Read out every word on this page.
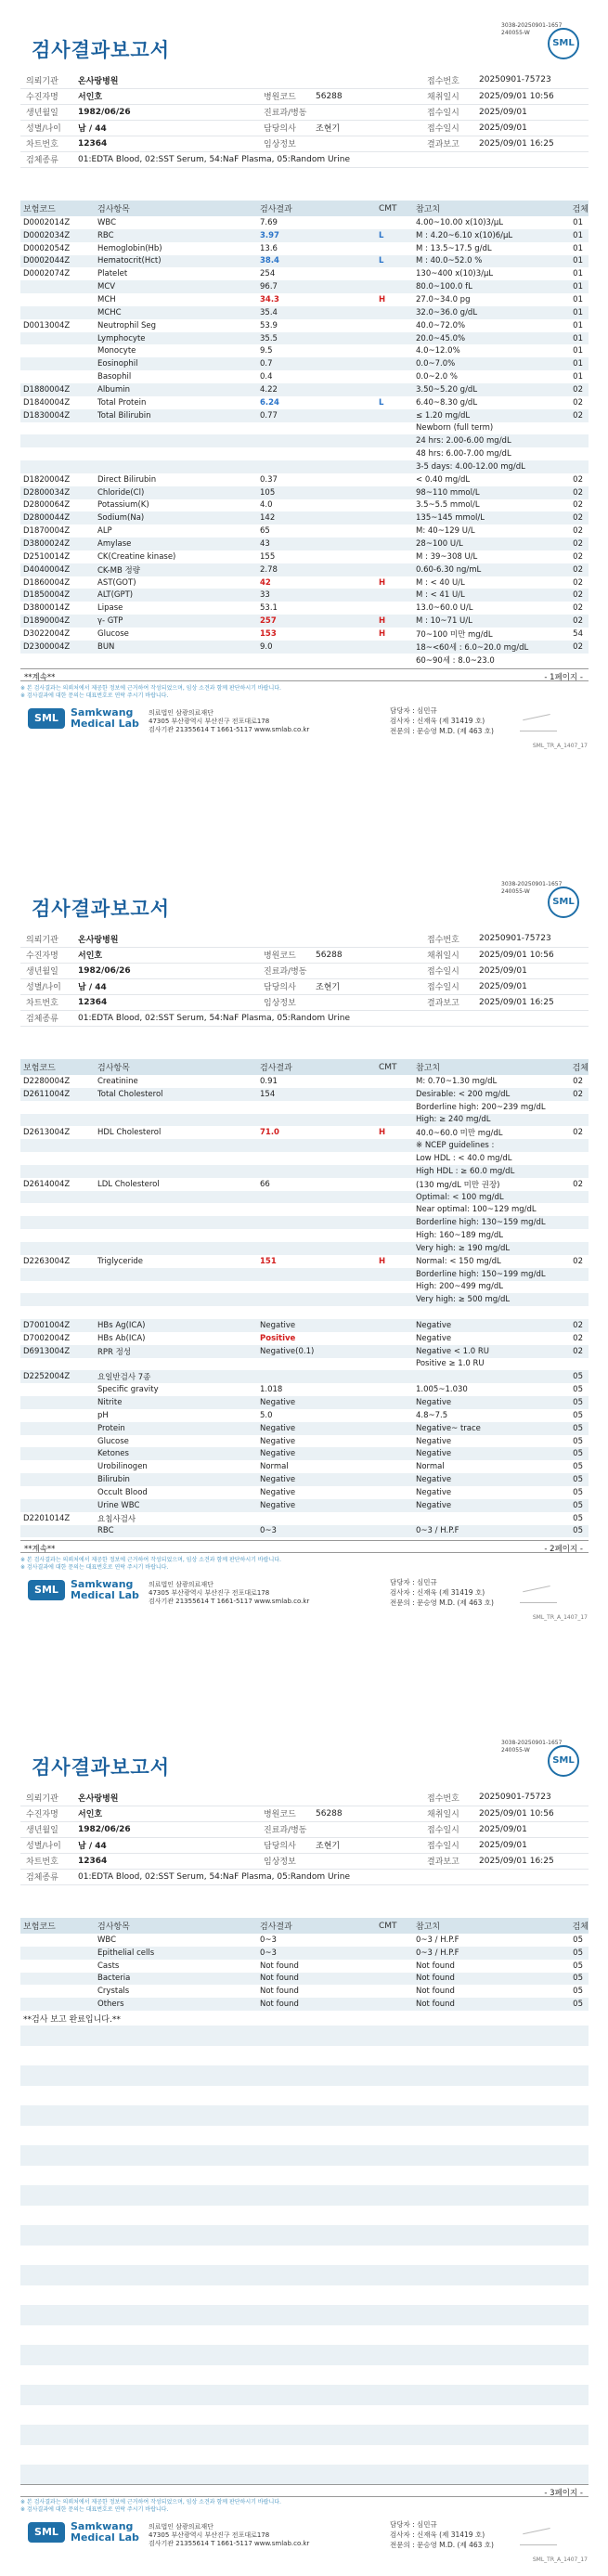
3038-20250901-1657
240055-W
SML
검사결과보고서
의뢰기관	온사랑병원			접수번호	20250901-75723
수진자명	서인호	병원코드	56288	채취일시	2025/09/01 10:56
생년월일	1982/06/26	진료과/병동		접수일시	2025/09/01
성별/나이	남 / 44	담당의사	조현기	접수일시	2025/09/01
차트번호	12364	임상정보		결과보고	2025/09/01 16:25
검체종류	01:EDTA Blood, 02:SST Serum, 54:NaF Plasma, 05:Random Urine				
보험코드	검사항목	검사결과	CMT	참고치	검체
D0002014Z	WBC	7.69		4.00~10.00 x(10)3/μL	01
D0002034Z	RBC	3.97	L	M : 4.20~6.10 x(10)6/μL	01
D0002054Z	Hemoglobin(Hb)	13.6		M : 13.5~17.5 g/dL	01
D0002044Z	Hematocrit(Hct)	38.4	L	M : 40.0~52.0 %	01
D0002074Z	Platelet	254		130~400 x(10)3/μL	01
	MCV	96.7		80.0~100.0 fL	01
	MCH	34.3	H	27.0~34.0 pg	01
	MCHC	35.4		32.0~36.0 g/dL	01
D0013004Z	Neutrophil Seg	53.9		40.0~72.0%	01
	Lymphocyte	35.5		20.0~45.0%	01
	Monocyte	9.5		4.0~12.0%	01
	Eosinophil	0.7		0.0~7.0%	01
	Basophil	0.4		0.0~2.0 %	01
D1880004Z	Albumin	4.22		3.50~5.20 g/dL	02
D1840004Z	Total Protein	6.24	L	6.40~8.30 g/dL	02
D1830004Z	Total Bilirubin	0.77		≤ 1.20 mg/dL	02
				Newborn (full term)	
				24 hrs: 2.00-6.00 mg/dL	
				48 hrs: 6.00-7.00 mg/dL	
				3-5 days: 4.00-12.00 mg/dL	
D1820004Z	Direct Bilirubin	0.37		< 0.40 mg/dL	02
D2800034Z	Chloride(Cl)	105		98~110 mmol/L	02
D2800064Z	Potassium(K)	4.0		3.5~5.5 mmol/L	02
D2800044Z	Sodium(Na)	142		135~145 mmol/L	02
D1870004Z	ALP	65		M: 40~129 U/L	02
D3800024Z	Amylase	43		28~100 U/L	02
D2510014Z	CK(Creatine kinase)	155		M : 39~308 U/L	02
D4040004Z	CK-MB 정량	2.78		0.60-6.30 ng/mL	02
D1860004Z	AST(GOT)	42	H	M : < 40 U/L	02
D1850004Z	ALT(GPT)	33		M : < 41 U/L	02
D3800014Z	Lipase	53.1		13.0~60.0 U/L	02
D1890004Z	γ- GTP	257	H	M : 10~71 U/L	02
D3022004Z	Glucose	153	H	70~100 미만 mg/dL	54
D2300004Z	BUN	9.0		18~<60세 : 6.0~20.0 mg/dL	02
				60~90세 : 8.0~23.0	
**계속**	- 1페이지 -
※ 본 검사결과는 의뢰처에서 제공한 정보에 근거하여 작성되었으며, 임상 소견과 함께 판단하시기 바랍니다.
※ 검사결과에 대한 문의는 대표번호로 연락 주시기 바랍니다.
SML Samkwang
Medical Lab
의료법인 삼광의료재단
47305 부산광역시 부산진구 전포대로178
검사기관 21355614 T 1661-5117 www.smlab.co.kr
담당자 : 심민규
검사자 : 신재욱 (제 31419 호)
전문의 : 문승영 M.D. (제 463 호)
SML_TR_A_1407_17
3038-20250901-1657
240055-W
SML
검사결과보고서
의뢰기관	온사랑병원			접수번호	20250901-75723
수진자명	서인호	병원코드	56288	채취일시	2025/09/01 10:56
생년월일	1982/06/26	진료과/병동		접수일시	2025/09/01
성별/나이	남 / 44	담당의사	조현기	접수일시	2025/09/01
차트번호	12364	임상정보		결과보고	2025/09/01 16:25
검체종류	01:EDTA Blood, 02:SST Serum, 54:NaF Plasma, 05:Random Urine				
보험코드	검사항목	검사결과	CMT	참고치	검체
D2280004Z	Creatinine	0.91		M: 0.70~1.30 mg/dL	02
D2611004Z	Total Cholesterol	154		Desirable: < 200 mg/dL	02
				Borderline high: 200~239 mg/dL	
				High: ≥ 240 mg/dL	
D2613004Z	HDL Cholesterol	71.0	H	40.0~60.0 미만 mg/dL	02
				※ NCEP guidelines :	
				Low HDL : < 40.0 mg/dL	
				High HDL : ≥ 60.0 mg/dL	
D2614004Z	LDL Cholesterol	66		(130 mg/dL 미만 권장)	02
				Optimal: < 100 mg/dL	
				Near optimal: 100~129 mg/dL	
				Borderline high: 130~159 mg/dL	
				High: 160~189 mg/dL	
				Very high: ≥ 190 mg/dL	
D2263004Z	Triglyceride	151	H	Normal: < 150 mg/dL	02
				Borderline high: 150~199 mg/dL	
				High: 200~499 mg/dL	
				Very high: ≥ 500 mg/dL	

D7001004Z	HBs Ag(ICA)	Negative		Negative	02
D7002004Z	HBs Ab(ICA)	Positive		Negative	02
D6913004Z	RPR 정성	Negative(0.1)		Negative < 1.0 RU	02
				Positive ≥ 1.0 RU	
D2252004Z	요일반검사 7종				05
	Specific gravity	1.018		1.005~1.030	05
	Nitrite	Negative		Negative	05
	pH	5.0		4.8~7.5	05
	Protein	Negative		Negative~ trace	05
	Glucose	Negative		Negative	05
	Ketones	Negative		Negative	05
	Urobilinogen	Normal		Normal	05
	Bilirubin	Negative		Negative	05
	Occult Blood	Negative		Negative	05
	Urine WBC	Negative		Negative	05
D2201014Z	요침사검사				05
	RBC	0~3		0~3 / H.P.F	05
**계속**	- 2페이지 -
※ 본 검사결과는 의뢰처에서 제공한 정보에 근거하여 작성되었으며, 임상 소견과 함께 판단하시기 바랍니다.
※ 검사결과에 대한 문의는 대표번호로 연락 주시기 바랍니다.
SML Samkwang
Medical Lab
의료법인 삼광의료재단
47305 부산광역시 부산진구 전포대로178
검사기관 21355614 T 1661-5117 www.smlab.co.kr
담당자 : 심민규
검사자 : 신재욱 (제 31419 호)
전문의 : 문승영 M.D. (제 463 호)
SML_TR_A_1407_17
3038-20250901-1657
240055-W
SML
검사결과보고서
의뢰기관	온사랑병원			접수번호	20250901-75723
수진자명	서인호	병원코드	56288	채취일시	2025/09/01 10:56
생년월일	1982/06/26	진료과/병동		접수일시	2025/09/01
성별/나이	남 / 44	담당의사	조현기	접수일시	2025/09/01
차트번호	12364	임상정보		결과보고	2025/09/01 16:25
검체종류	01:EDTA Blood, 02:SST Serum, 54:NaF Plasma, 05:Random Urine				
보험코드	검사항목	검사결과	CMT	참고치	검체
	WBC	0~3		0~3 / H.P.F	05
	Epithelial cells	0~3		0~3 / H.P.F	05
	Casts	Not found		Not found	05
	Bacteria	Not found		Not found	05
	Crystals	Not found		Not found	05
	Others	Not found		Not found	05
**검사 보고 완료입니다.**
- 3페이지 -
※ 본 검사결과는 의뢰처에서 제공한 정보에 근거하여 작성되었으며, 임상 소견과 함께 판단하시기 바랍니다.
※ 검사결과에 대한 문의는 대표번호로 연락 주시기 바랍니다.
SML Samkwang
Medical Lab
의료법인 삼광의료재단
47305 부산광역시 부산진구 전포대로178
검사기관 21355614 T 1661-5117 www.smlab.co.kr
담당자 : 심민규
검사자 : 신재욱 (제 31419 호)
전문의 : 문승영 M.D. (제 463 호)
SML_TR_A_1407_17
